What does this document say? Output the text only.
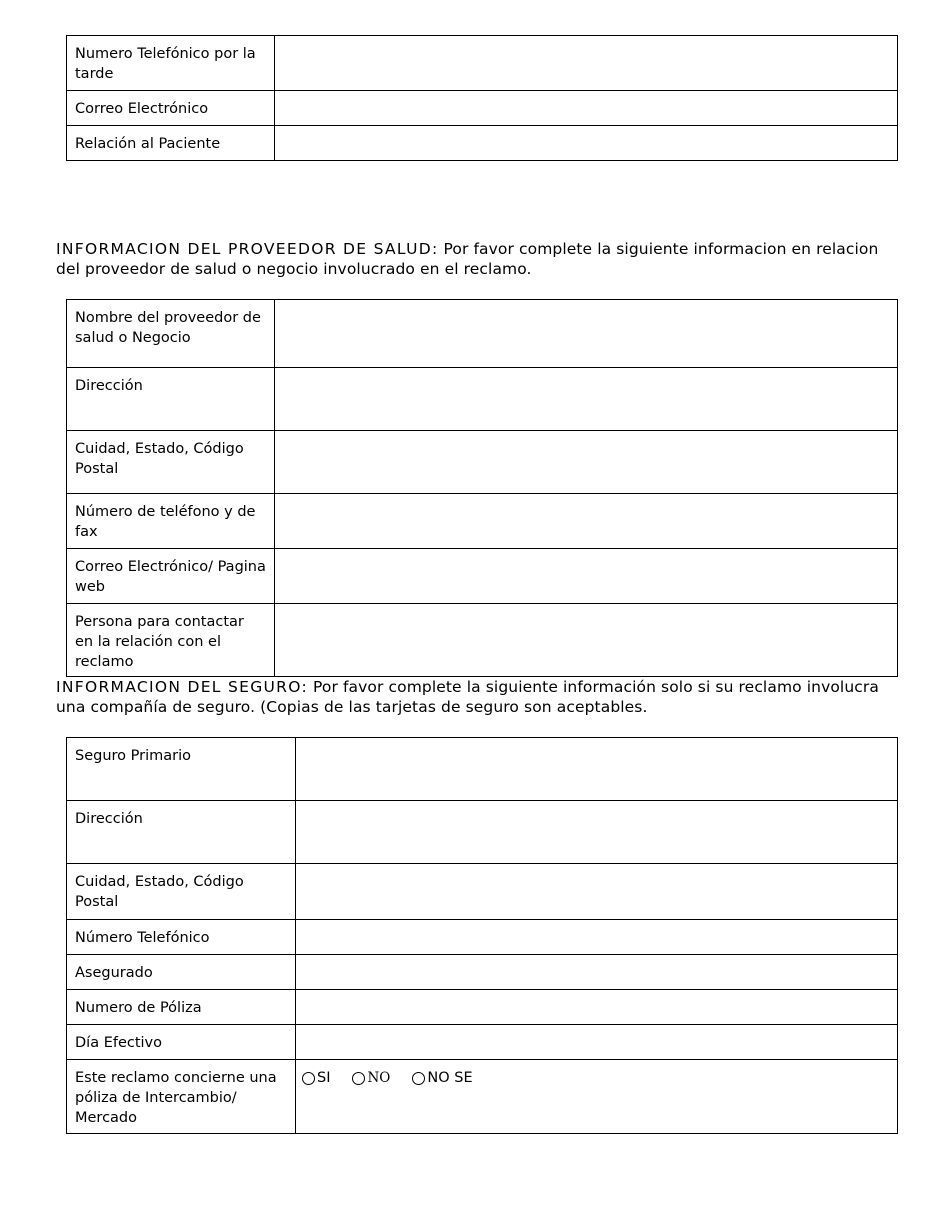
Numero Telefónico por la tarde	
Correo Electrónico	
Relación al Paciente	
INFORMACION DEL PROVEEDOR DE SALUD: Por favor complete la siguiente informacion en relacion del proveedor de salud o negocio involucrado en el reclamo.
Nombre del proveedor de salud o Negocio	
Dirección	
Cuidad, Estado, Código Postal	
Número de teléfono y de fax	
Correo Electrónico/ Pagina web	
Persona para contactar en la relación con el reclamo	
INFORMACION DEL SEGURO: Por favor complete la siguiente información solo si su reclamo involucra una compañía de seguro. (Copias de las tarjetas de seguro son aceptables.
Seguro Primario	
Dirección	
Cuidad, Estado, Código Postal	
Número Telefónico	
Asegurado	
Numero de Póliza	
Día Efectivo	
Este reclamo concierne una póliza de Intercambio/ Mercado	SI NO NO SE
